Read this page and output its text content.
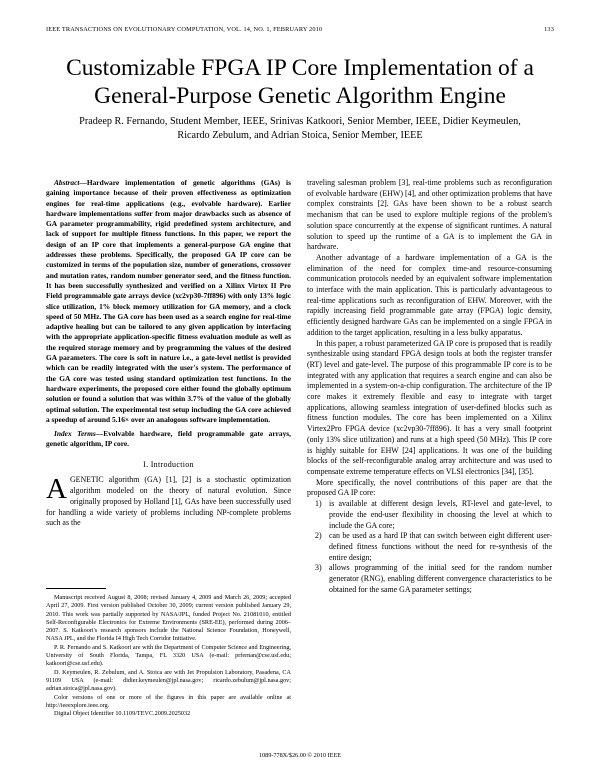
IEEE TRANSACTIONS ON EVOLUTIONARY COMPUTATION, VOL. 14, NO. 1, FEBRUARY 2010	133
Customizable FPGA IP Core Implementation of a
General-Purpose Genetic Algorithm Engine
Pradeep R. Fernando, Student Member, IEEE, Srinivas Katkoori, Senior Member, IEEE, Didier Keymeulen,
Ricardo Zebulum, and Adrian Stoica, Senior Member, IEEE

Abstract—Hardware implementation of genetic algorithms (GAs) is gaining importance because of their proven effectiveness as optimization engines for real-time applications (e.g., evolvable hardware). Earlier hardware implementations suffer from major drawbacks such as absence of GA parameter programmability, rigid predefined system architecture, and lack of support for multiple fitness functions. In this paper, we report the design of an IP core that implements a general-purpose GA engine that addresses these problems. Specifically, the proposed GA IP core can be customized in terms of the population size, number of generations, crossover and mutation rates, random number generator seed, and the fitness function. It has been successfully synthesized and verified on a Xilinx Virtex II Pro Field programmable gate arrays device (xc2vp30-7ff896) with only 13% logic slice utilization, 1% block memory utilization for GA memory, and a clock speed of 50 MHz. The GA core has been used as a search engine for real-time adaptive healing but can be tailored to any given application by interfacing with the appropriate application-specific fitness evaluation module as well as the required storage memory and by programming the values of the desired GA parameters. The core is soft in nature i.e., a gate-level netlist is provided which can be readily integrated with the user's system. The performance of the GA core was tested using standard optimization test functions. In the hardware experiments, the proposed core either found the globally optimum solution or found a solution that was within 3.7% of the value of the globally optimal solution. The experimental test setup including the GA core achieved a speedup of around 5.16× over an analogous software implementation.

Index Terms—Evolvable hardware, field programmable gate arrays, genetic algorithm, IP core.

I. Introduction

AGENETIC algorithm (GA) [1], [2] is a stochastic optimization algorithm modeled on the theory of natural evolution. Since originally proposed by Holland [1], GAs have been successfully used for handling a wide variety of problems including NP-complete problems such as the

Manuscript received August 8, 2008; revised January 4, 2009 and March 26, 2009; accepted April 27, 2009. First version published October 30, 2009; current version published January 29, 2010. This work was partially supported by NASA/JPL, funded Project No. 21081010, entitled Self-Reconfigurable Electronics for Extreme Environments (SRE-EE), performed during 2006–2007. S. Katkoori's research sponsors include the National Science Foundation, Honeywell, NASA JPL, and the Florida I4 High Tech Corridor Initiative.

P. R. Fernando and S. Katkoori are with the Department of Computer Science and Engineering, University of South Florida, Tampa, FL 3320 USA (e-mail: prfernan@cse.usf.edu; katkoori@cse.usf.edu).

D. Keymeulen, R. Zebulum, and A. Stoica are with Jet Propulsion Laboratory, Pasadena, CA 91109 USA (e-mail: didier.keymeulen@jpl.nasa.gov; ricardo.zebulum@jpl.nasa.gov; adrian.stoica@jpl.nasa.gov).

Color versions of one or more of the figures in this paper are available online at http://ieeexplore.ieee.org.

Digital Object Identifier 10.1109/TEVC.2009.2025032

traveling salesman problem [3], real-time problems such as reconfiguration of evolvable hardware (EHW) [4], and other optimization problems that have complex constraints [2]. GAs have been shown to be a robust search mechanism that can be used to explore multiple regions of the problem's solution space concurrently at the expense of significant runtimes. A natural solution to speed up the runtime of a GA is to implement the GA in hardware.

Another advantage of a hardware implementation of a GA is the elimination of the need for complex time-and resource-consuming communication protocols needed by an equivalent software implementation to interface with the main application. This is particularly advantageous to real-time applications such as reconfiguration of EHW. Moreover, with the rapidly increasing field programmable gate array (FPGA) logic density, efficiently designed hardware GAs can be implemented on a single FPGA in addition to the target application, resulting in a less bulky apparatus.

In this paper, a robust parameterized GA IP core is proposed that is readily synthesizable using standard FPGA design tools at both the register transfer (RT) level and gate-level. The purpose of this programmable IP core is to be integrated with any application that requires a search engine and can also be implemented in a system-on-a-chip configuration. The architecture of the IP core makes it extremely flexible and easy to integrate with target applications, allowing seamless integration of user-defined blocks such as fitness function modules. The core has been implemented on a Xilinx Virtex2Pro FPGA device (xc2vp30-7ff896). It has a very small footprint (only 13% slice utilization) and runs at a high speed (50 MHz). This IP core is highly suitable for EHW [24] applications. It was one of the building blocks of the self-reconfigurable analog array architecture and was used to compensate extreme temperature effects on VLSI electronics [34], [35].

More specifically, the novel contributions of this paper are that the proposed GA IP core:

1) is available at different design levels, RT-level and gate-level, to provide the end-user flexibility in choosing the level at which to include the GA core;
2) can be used as a hard IP that can switch between eight different user-defined fitness functions without the need for re-synthesis of the entire design;
3) allows programming of the initial seed for the random number generator (RNG), enabling different convergence characteristics to be obtained for the same GA parameter settings;
1089-778X/$26.00 © 2010 IEEE
